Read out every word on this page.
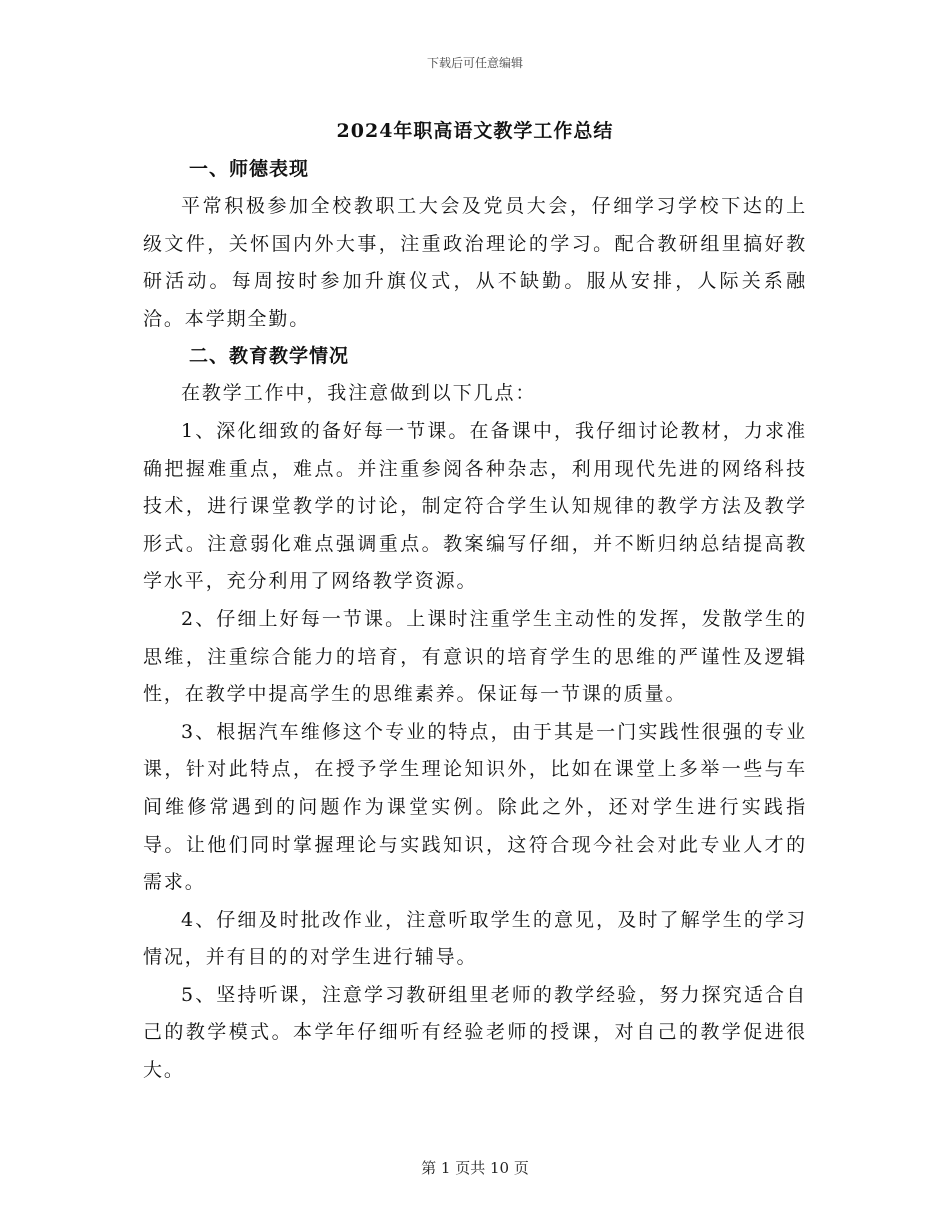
下载后可任意编辑
2024年职高语文教学工作总结
一、师德表现

平常积极参加全校教职工大会及党员大会，仔细学习学校下达的上级文件，关怀国内外大事，注重政治理论的学习。配合教研组里搞好教研活动。每周按时参加升旗仪式，从不缺勤。服从安排，人际关系融洽。本学期全勤。

二、教育教学情况

在教学工作中，我注意做到以下几点：

1、深化细致的备好每一节课。在备课中，我仔细讨论教材，力求准确把握难重点，难点。并注重参阅各种杂志，利用现代先进的网络科技技术，进行课堂教学的讨论，制定符合学生认知规律的教学方法及教学形式。注意弱化难点强调重点。教案编写仔细，并不断归纳总结提高教学水平，充分利用了网络教学资源。

2、仔细上好每一节课。上课时注重学生主动性的发挥，发散学生的思维，注重综合能力的培育，有意识的培育学生的思维的严谨性及逻辑性，在教学中提高学生的思维素养。保证每一节课的质量。

3、根据汽车维修这个专业的特点，由于其是一门实践性很强的专业课，针对此特点，在授予学生理论知识外，比如在课堂上多举一些与车间维修常遇到的问题作为课堂实例。除此之外，还对学生进行实践指导。让他们同时掌握理论与实践知识，这符合现今社会对此专业人才的需求。

4、仔细及时批改作业，注意听取学生的意见，及时了解学生的学习情况，并有目的的对学生进行辅导。

5、坚持听课，注意学习教研组里老师的教学经验，努力探究适合自己的教学模式。本学年仔细听有经验老师的授课，对自己的教学促进很大。

第 1 页共 10 页
